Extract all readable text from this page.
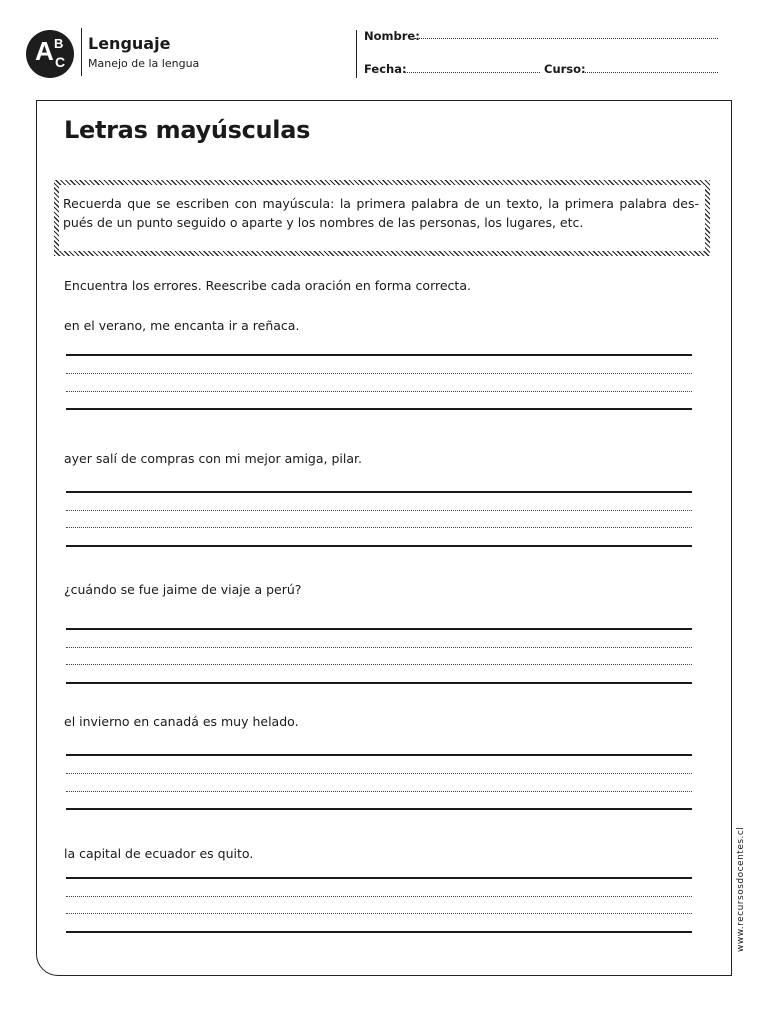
A B
C
Lenguaje
Manejo de la lengua
Nombre:
Fecha:	Curso:
Letras mayúsculas
Recuerda que se escriben con mayúscula: la primera palabra de un texto, la primera palabra des-pués de un punto seguido o aparte y los nombres de las personas, los lugares, etc.
Encuentra los errores. Reescribe cada oración en forma correcta.
en el verano, me encanta ir a reñaca.
ayer salí de compras con mi mejor amiga, pilar.
¿cuándo se fue jaime de viaje a perú?
el invierno en canadá es muy helado.
la capital de ecuador es quito.	www.recursosdocentes.cl
